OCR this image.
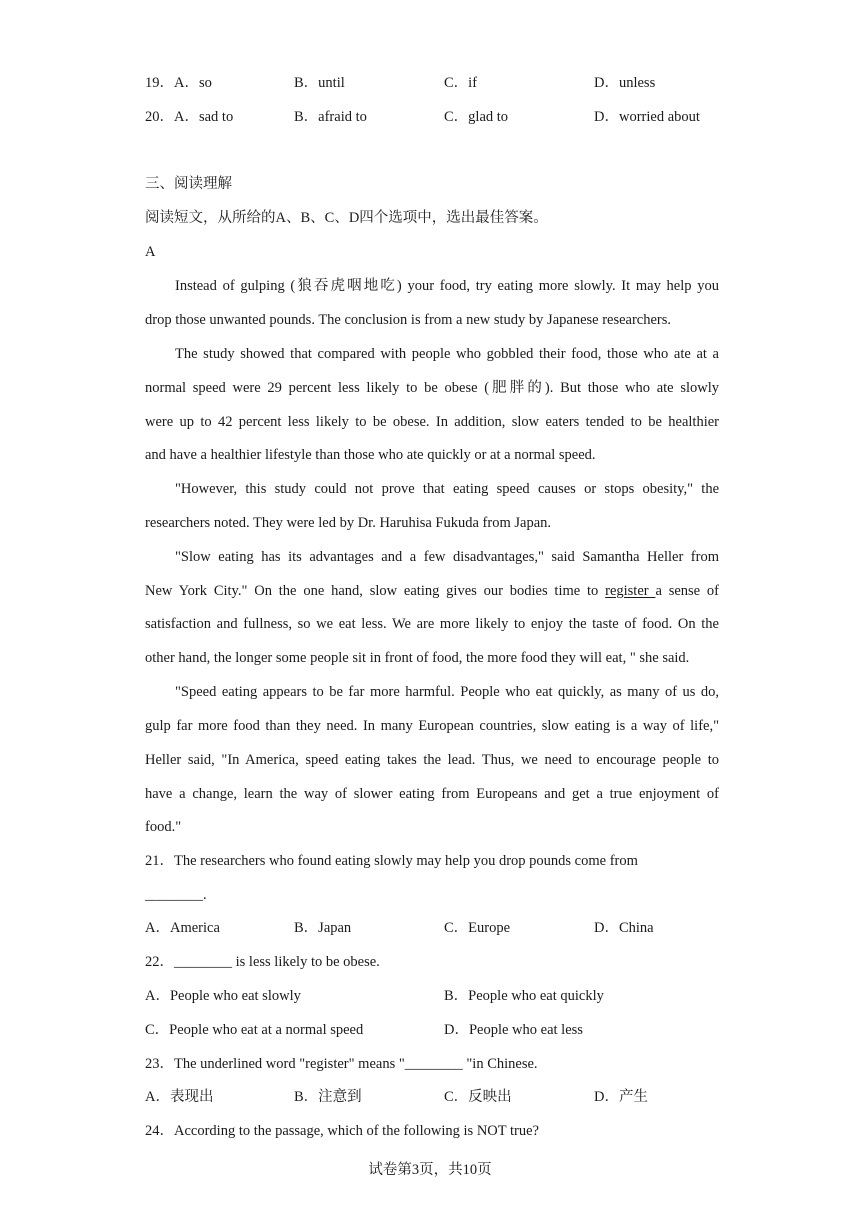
19．A．so	B．until	C．if	D．unless
20．A．sad to	B．afraid to	C．glad to	D．worried about
三、阅读理解
阅读短文，从所给的A、B、C、D四个选项中，选出最佳答案。
A
Instead of gulping (狼吞虎咽地吃) your food, try eating more slowly. It may help you
drop those unwanted pounds. The conclusion is from a new study by Japanese researchers.
The study showed that compared with people who gobbled their food, those who ate at a
normal speed were 29 percent less likely to be obese (肥胖的). But those who ate slowly
were up to 42 percent less likely to be obese. In addition, slow eaters tended to be healthier
and have a healthier lifestyle than those who ate quickly or at a normal speed.
"However, this study could not prove that eating speed causes or stops obesity," the
researchers noted. They were led by Dr. Haruhisa Fukuda from Japan.
"Slow eating has its advantages and a few disadvantages," said Samantha Heller from
New York City." On the one hand, slow eating gives our bodies time to register a sense of
satisfaction and fullness, so we eat less. We are more likely to enjoy the taste of food. On the
other hand, the longer some people sit in front of food, the more food they will eat, " she said.
"Speed eating appears to be far more harmful. People who eat quickly, as many of us do,
gulp far more food than they need. In many European countries, slow eating is a way of life,"
Heller said, "In America, speed eating takes the lead. Thus, we need to encourage people to
have a change, learn the way of slower eating from Europeans and get a true enjoyment of
food."
21．The researchers who found eating slowly may help you drop pounds come from
________.
A．America	B．Japan	C．Europe	D．China
22．________ is less likely to be obese.
A．People who eat slowly	B．People who eat quickly
C．People who eat at a normal speed	D．People who eat less
23．The underlined word "register" means "________ "in Chinese.
A．表现出	B．注意到	C．反映出	D．产生
24．According to the passage, which of the following is NOT true?
试卷第3页，共10页
